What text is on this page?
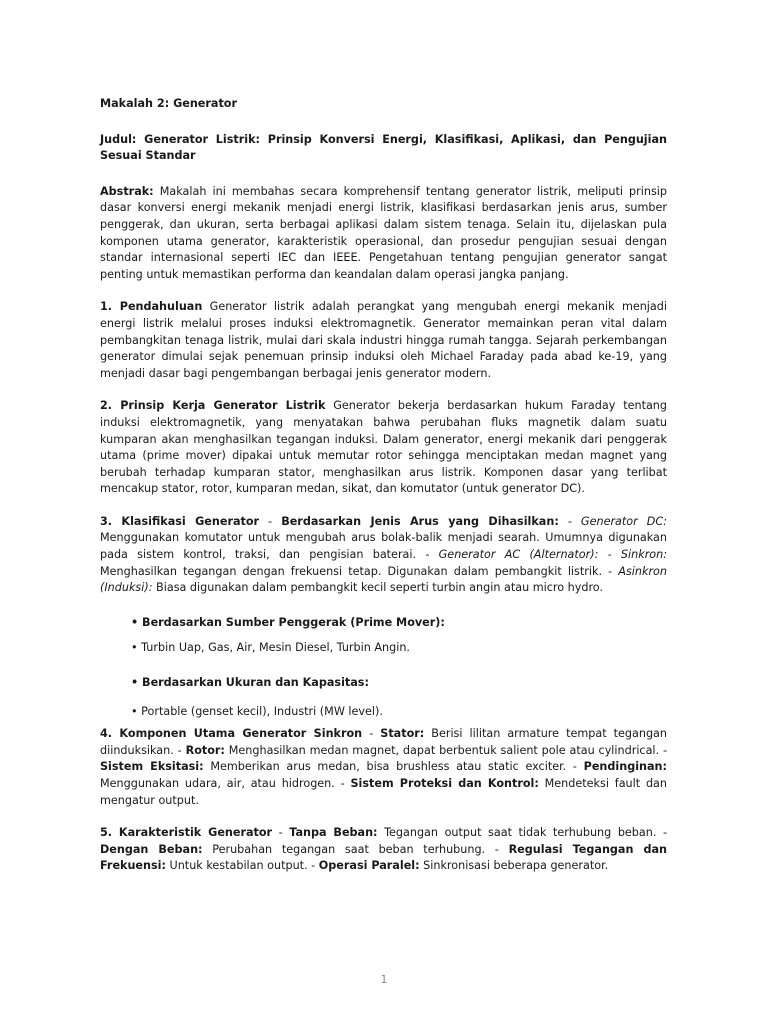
Makalah 2: Generator
Judul: Generator Listrik: Prinsip Konversi Energi, Klasifikasi, Aplikasi, dan Pengujian Sesuai Standar
Abstrak: Makalah ini membahas secara komprehensif tentang generator listrik, meliputi prinsip dasar konversi energi mekanik menjadi energi listrik, klasifikasi berdasarkan jenis arus, sumber penggerak, dan ukuran, serta berbagai aplikasi dalam sistem tenaga. Selain itu, dijelaskan pula komponen utama generator, karakteristik operasional, dan prosedur pengujian sesuai dengan standar internasional seperti IEC dan IEEE. Pengetahuan tentang pengujian generator sangat penting untuk memastikan performa dan keandalan dalam operasi jangka panjang.
1. Pendahuluan Generator listrik adalah perangkat yang mengubah energi mekanik menjadi energi listrik melalui proses induksi elektromagnetik. Generator memainkan peran vital dalam pembangkitan tenaga listrik, mulai dari skala industri hingga rumah tangga. Sejarah perkembangan generator dimulai sejak penemuan prinsip induksi oleh Michael Faraday pada abad ke-19, yang menjadi dasar bagi pengembangan berbagai jenis generator modern.
2. Prinsip Kerja Generator Listrik Generator bekerja berdasarkan hukum Faraday tentang induksi elektromagnetik, yang menyatakan bahwa perubahan fluks magnetik dalam suatu kumparan akan menghasilkan tegangan induksi. Dalam generator, energi mekanik dari penggerak utama (prime mover) dipakai untuk memutar rotor sehingga menciptakan medan magnet yang berubah terhadap kumparan stator, menghasilkan arus listrik. Komponen dasar yang terlibat mencakup stator, rotor, kumparan medan, sikat, dan komutator (untuk generator DC).
3. Klasifikasi Generator - Berdasarkan Jenis Arus yang Dihasilkan: - Generator DC: Menggunakan komutator untuk mengubah arus bolak-balik menjadi searah. Umumnya digunakan pada sistem kontrol, traksi, dan pengisian baterai. - Generator AC (Alternator): - Sinkron: Menghasilkan tegangan dengan frekuensi tetap. Digunakan dalam pembangkit listrik. - Asinkron (Induksi): Biasa digunakan dalam pembangkit kecil seperti turbin angin atau micro hydro.
• Berdasarkan Sumber Penggerak (Prime Mover):
• Turbin Uap, Gas, Air, Mesin Diesel, Turbin Angin.
• Berdasarkan Ukuran dan Kapasitas:
• Portable (genset kecil), Industri (MW level).
4. Komponen Utama Generator Sinkron - Stator: Berisi lilitan armature tempat tegangan diinduksikan. - Rotor: Menghasilkan medan magnet, dapat berbentuk salient pole atau cylindrical. - Sistem Eksitasi: Memberikan arus medan, bisa brushless atau static exciter. - Pendinginan: Menggunakan udara, air, atau hidrogen. - Sistem Proteksi dan Kontrol: Mendeteksi fault dan mengatur output.
5. Karakteristik Generator - Tanpa Beban: Tegangan output saat tidak terhubung beban. - Dengan Beban: Perubahan tegangan saat beban terhubung. - Regulasi Tegangan dan Frekuensi: Untuk kestabilan output. - Operasi Paralel: Sinkronisasi beberapa generator.
1
